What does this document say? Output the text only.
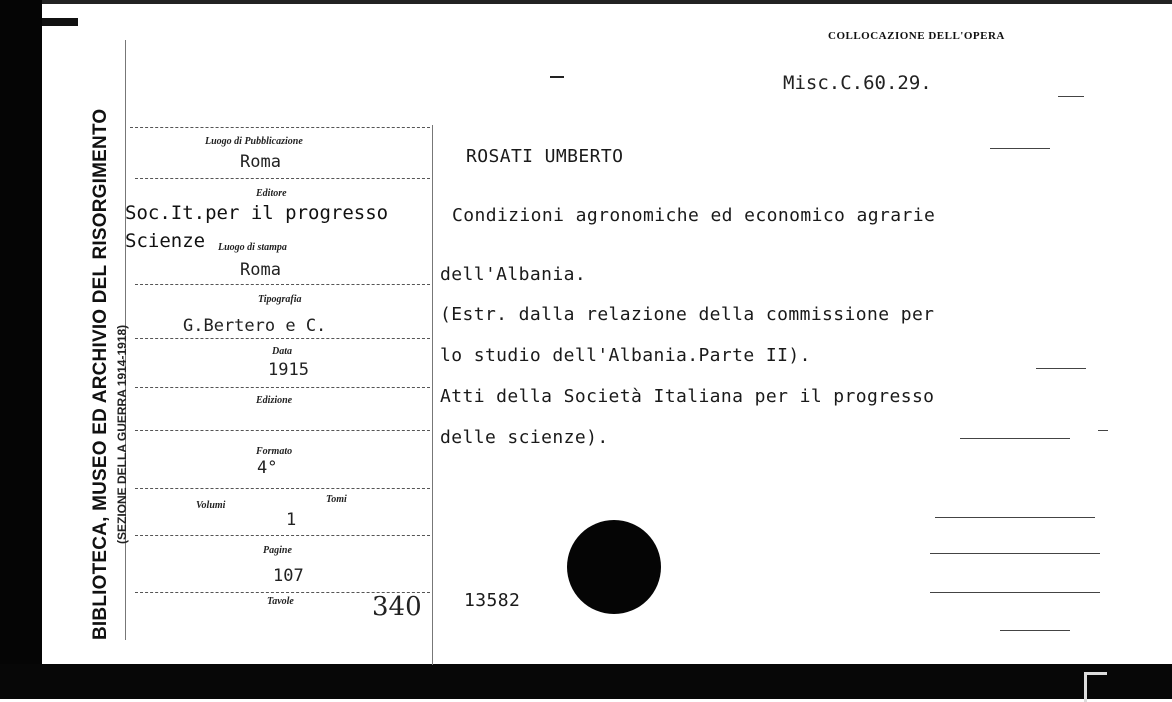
BIBLIOTECA, MUSEO ED ARCHIVIO DEL RISORGIMENTO (SEZIONE DELLA GUERRA 1914-1918)
COLLOCAZIONE DELL'OPERA
Misc.C.60.29.
Luogo di Pubblicazione
Roma
Editore
Soc.It.per il progresso
Scienze Luogo di stampa
Roma
Tipografia
G.Bertero e C.
Data
1915
Edizione
Formato
4°
Volumi
Tomi
1
Pagine
107
Tavole	340
ROSATI UMBERTO
Condizioni agronomiche ed economico agrarie
dell'Albania.
(Estr. dalla relazione della commissione per
lo studio dell'Albania.Parte II).
Atti della Società Italiana per il progresso
delle scienze).
13582
